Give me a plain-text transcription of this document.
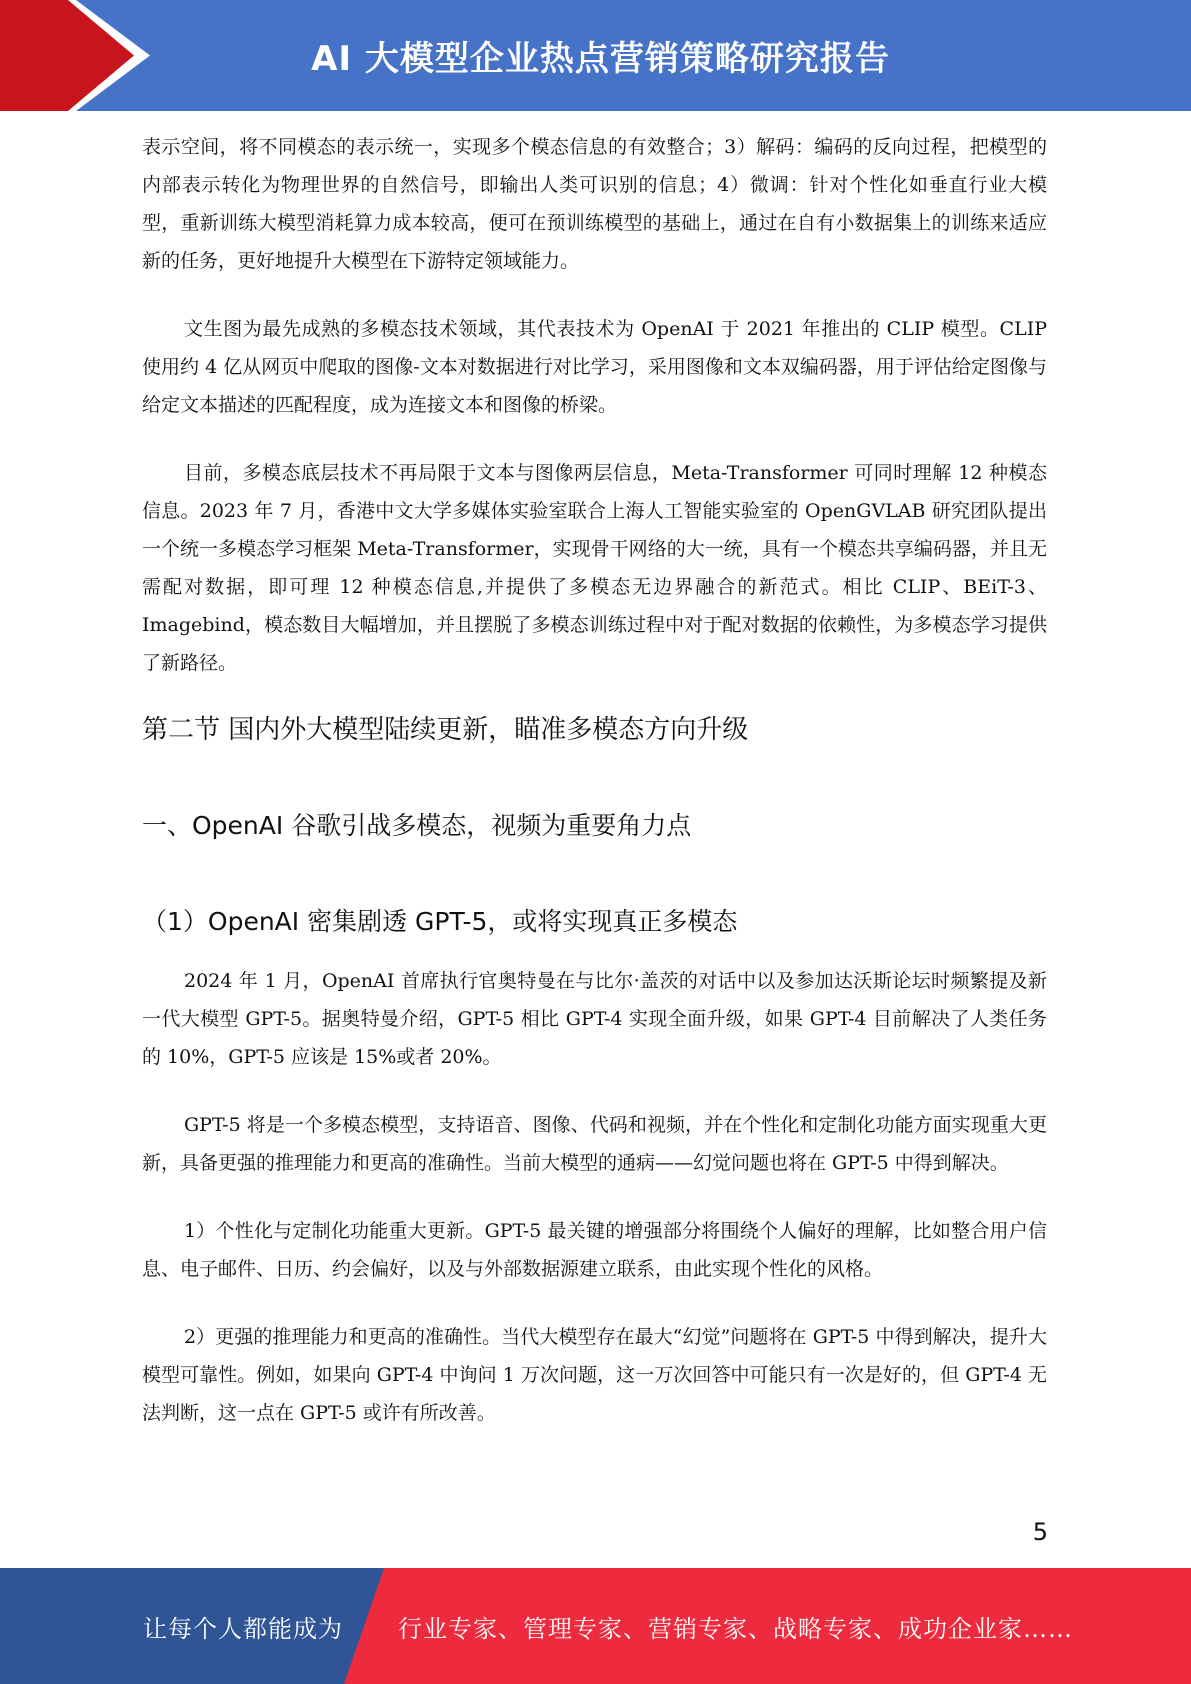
AI 大模型企业热点营销策略研究报告

表示空间，将不同模态的表示统一，实现多个模态信息的有效整合；3）解码：编码的反向过程，把模型的内部表示转化为物理世界的自然信号，即输出人类可识别的信息；4）微调：针对个性化如垂直行业大模型，重新训练大模型消耗算力成本较高，便可在预训练模型的基础上，通过在自有小数据集上的训练来适应新的任务，更好地提升大模型在下游特定领域能力。

文生图为最先成熟的多模态技术领域，其代表技术为 OpenAI 于 2021 年推出的 CLIP 模型。CLIP 使用约 4 亿从网页中爬取的图像-文本对数据进行对比学习，采用图像和文本双编码器，用于评估给定图像与给定文本描述的匹配程度，成为连接文本和图像的桥梁。

目前，多模态底层技术不再局限于文本与图像两层信息，Meta-Transformer 可同时理解 12 种模态信息。2023 年 7 月，香港中文大学多媒体实验室联合上海人工智能实验室的 OpenGVLAB 研究团队提出一个统一多模态学习框架 Meta-Transformer，实现骨干网络的大一统，具有一个模态共享编码器，并且无需配对数据，即可理 12 种模态信息,并提供了多模态无边界融合的新范式。相比 CLIP、BEiT-3、Imagebind，模态数目大幅增加，并且摆脱了多模态训练过程中对于配对数据的依赖性，为多模态学习提供了新路径。

第二节 国内外大模型陆续更新，瞄准多模态方向升级
一、OpenAI 谷歌引战多模态，视频为重要角力点
（1）OpenAI 密集剧透 GPT-5，或将实现真正多模态

2024 年 1 月，OpenAI 首席执行官奥特曼在与比尔·盖茨的对话中以及参加达沃斯论坛时频繁提及新一代大模型 GPT-5。据奥特曼介绍，GPT-5 相比 GPT-4 实现全面升级，如果 GPT-4 目前解决了人类任务的 10%，GPT-5 应该是 15%或者 20%。

GPT-5 将是一个多模态模型，支持语音、图像、代码和视频，并在个性化和定制化功能方面实现重大更新，具备更强的推理能力和更高的准确性。当前大模型的通病——幻觉问题也将在 GPT-5 中得到解决。

1）个性化与定制化功能重大更新。GPT-5 最关键的增强部分将围绕个人偏好的理解，比如整合用户信息、电子邮件、日历、约会偏好，以及与外部数据源建立联系，由此实现个性化的风格。

2）更强的推理能力和更高的准确性。当代大模型存在最大“幻觉”问题将在 GPT-5 中得到解决，提升大模型可靠性。例如，如果向 GPT-4 中询问 1 万次问题，这一万次回答中可能只有一次是好的，但 GPT-4 无法判断，这一点在 GPT-5 或许有所改善。

5
让每个人都能成为 行业专家、管理专家、营销专家、战略专家、成功企业家……
